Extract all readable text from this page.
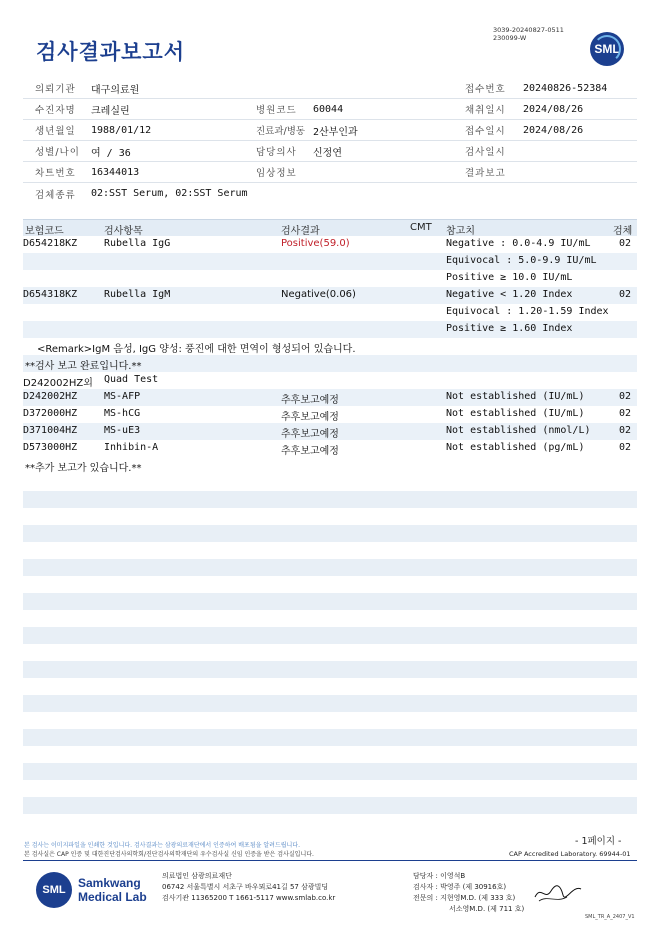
3039-20240827-0511
230099-W
검사결과보고서	SML
의뢰기관 대구의료원	접수번호 20240826-52384
수진자명 크레실린	병원코드 60044	채취일시 2024/08/26
생년월일 1988/01/12	진료과/병동 2산부인과	접수일시 2024/08/26
성별/나이 여 / 36	담당의사 신정연	검사일시
차트번호 16344013	임상정보	결과보고
검체종류 02:SST Serum, 02:SST Serum
보험코드	검사항목	검사결과	CMT 참고치	검체
D654218KZ	Rubella IgG	Positive(59.0)	Negative : 0.0-4.9 IU/mL	02
Equivocal : 5.0-9.9 IU/mL
Positive ≥ 10.0 IU/mL
D654318KZ	Rubella IgM	Negative(0.06)	Negative < 1.20 Index	02
Equivocal : 1.20-1.59 Index
Positive ≥ 1.60 Index
<Remark>IgM 음성, IgG 양성: 풍진에 대한 면역이 형성되어 있습니다.
**검사 보고 완료입니다.**
D242002HZ외 Quad Test
D242002HZ	MS-AFP	추후보고예정	Not established (IU/mL)	02
D372000HZ	MS-hCG	추후보고예정	Not established (IU/mL)	02
D371004HZ	MS-uE3	추후보고예정	Not established (nmol/L)	02
D573000HZ	Inhibin-A	추후보고예정	Not established (pg/mL)	02
**추가 보고가 있습니다.**
본 검사는 이미지파일을 인쇄한 것입니다. 검사결과는 삼광의료재단에서 인증하여 배포됨을 알려드립니다.
본 검사실은 CAP 인증 및 대한진단검사의학회/진단검사의학재단의 우수검사실 신임 인증을 받은 검사실입니다.
- 1페이지 -
CAP Accredited Laboratory. 69944-01
SML Samkwang
Medical Lab
의료법인 삼광의료재단
06742 서울특별시 서초구 바우뫼로41길 57 삼광빌딩
검사기관 11365200 T 1661-5117 www.smlab.co.kr
담당자 : 이영석B
검사자 : 박영주 (제 30916호)
전문의 : 지현영M.D. (제 333 호)
서소영M.D. (제 711 호)
SML_TR_A_2407_V1
